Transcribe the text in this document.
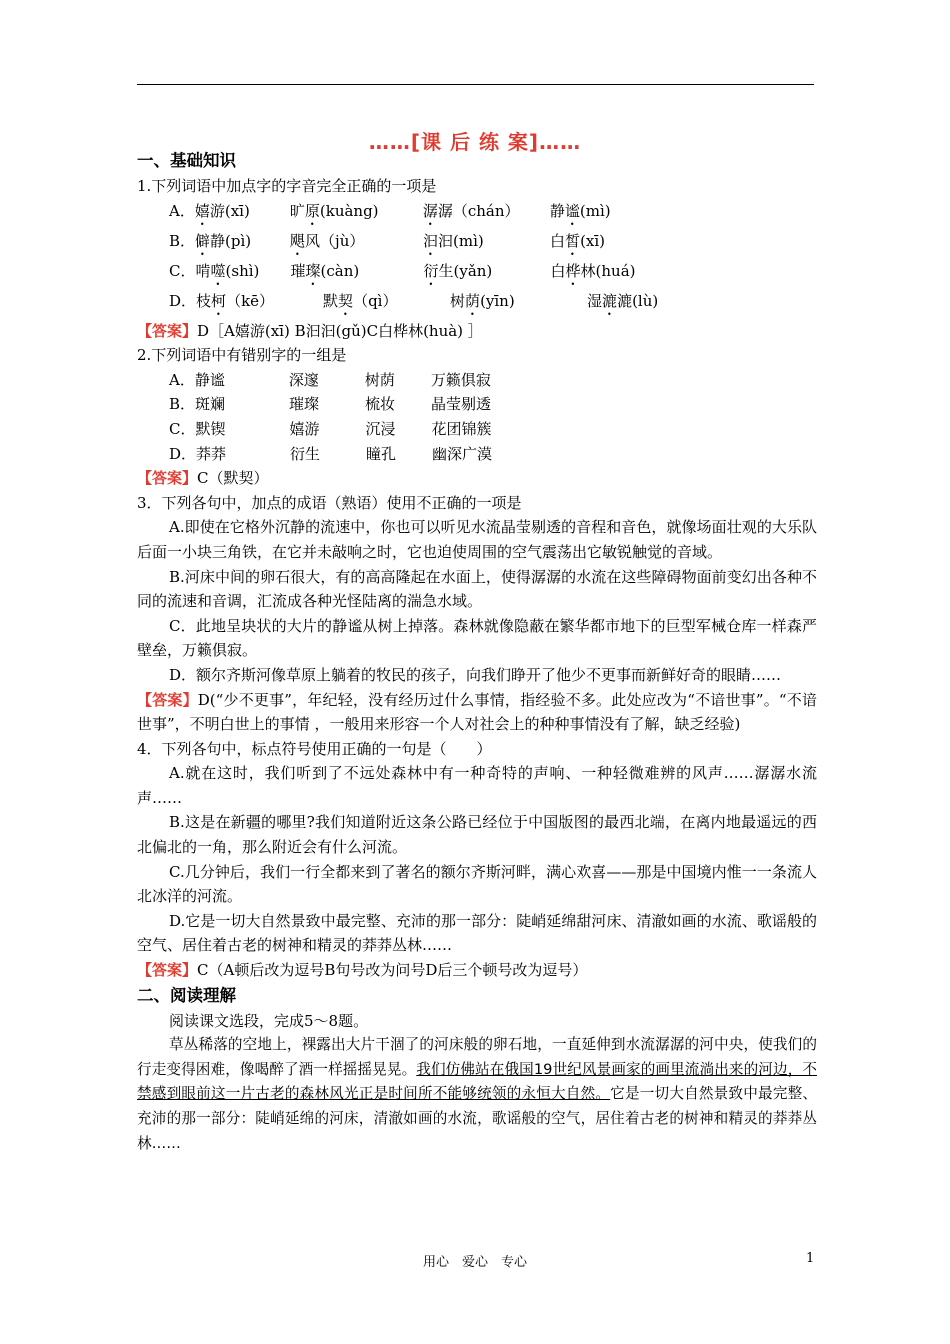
……[课 后 练 案]……

一、基础知识

1.下列词语中加点字的字音完全正确的一项是

A．嬉游(xī)	旷原(kuàng)	潺潺（chán） 静谧(mì)

B．僻静(pì)	飓风（jù）	汩汩(mì)	白皙(xī)

C．啃噬(shì) 璀璨(càn)	衍生(yǎn)	白桦林(huá)

D．枝柯（kē）	默契（qì）	树荫(yīn)	湿漉漉(lù)

【答案】D［A嬉游(xī) B汩汩(gǔ)C白桦林(huà) ］

2.下列词语中有错别字的一组是

A．静谧	深邃	树荫 万籁俱寂

B．斑斓	璀璨	梳妆 晶莹剔透

C．默锲	嬉游	沉浸 花团锦簇

D．莽莽	衍生	瞳孔 幽深广漠

【答案】C（默契）

3．下列各句中，加点的成语（熟语）使用不正确的一项是

A.即使在它格外沉静的流速中，你也可以听见水流晶莹剔透的音程和音色，就像场面壮观的大乐队后面一小块三角铁，在它并未敲响之时，它也迫使周围的空气震荡出它敏锐触觉的音域。

B.河床中间的卵石很大，有的高高隆起在水面上，使得潺潺的水流在这些障碍物面前变幻出各种不同的流速和音调，汇流成各种光怪陆离的湍急水域。

C．此地呈块状的大片的静谧从树上掉落。森林就像隐蔽在繁华都市地下的巨型军械仓库一样森严壁垒，万籁俱寂。

D．额尔齐斯河像草原上躺着的牧民的孩子，向我们睁开了他少不更事而新鲜好奇的眼睛……

【答案】D(“少不更事”，年纪轻，没有经历过什么事情，指经验不多。此处应改为“不谙世事”。“不谙世事”，不明白世上的事情 ，一般用来形容一个人对社会上的种种事情没有了解，缺乏经验)

4．下列各句中，标点符号使用正确的一句是（　　）

A.就在这时，我们听到了不远处森林中有一种奇特的声响、一种轻微难辨的风声……潺潺水流声……

B.这是在新疆的哪里?我们知道附近这条公路已经位于中国版图的最西北端，在离内地最遥远的西北偏北的一角，那么附近会有什么河流。

C.几分钟后，我们一行全都来到了著名的额尔齐斯河畔，满心欢喜——那是中国境内惟一一条流人北冰洋的河流。

D.它是一切大自然景致中最完整、充沛的那一部分：陡峭延绵甜河床、清澈如画的水流、歌谣般的空气、居住着古老的树神和精灵的莽莽丛林……

【答案】C（A顿后改为逗号B句号改为问号D后三个顿号改为逗号）

二、阅读理解

阅读课文选段，完成5～8题。

草丛稀落的空地上，裸露出大片干涸了的河床般的卵石地，一直延伸到水流潺潺的河中央，使我们的行走变得困难，像喝醉了酒一样摇摇晃晃。我们仿佛站在俄国19世纪风景画家的画里流淌出来的河边，不禁感到眼前这一片古老的森林风光正是时间所不能够统领的永恒大自然。它是一切大自然景致中最完整、充沛的那一部分：陡峭延绵的河床，清澈如画的水流，歌谣般的空气，居住着古老的树神和精灵的莽莽丛林……

用心　爱心　专心	1
